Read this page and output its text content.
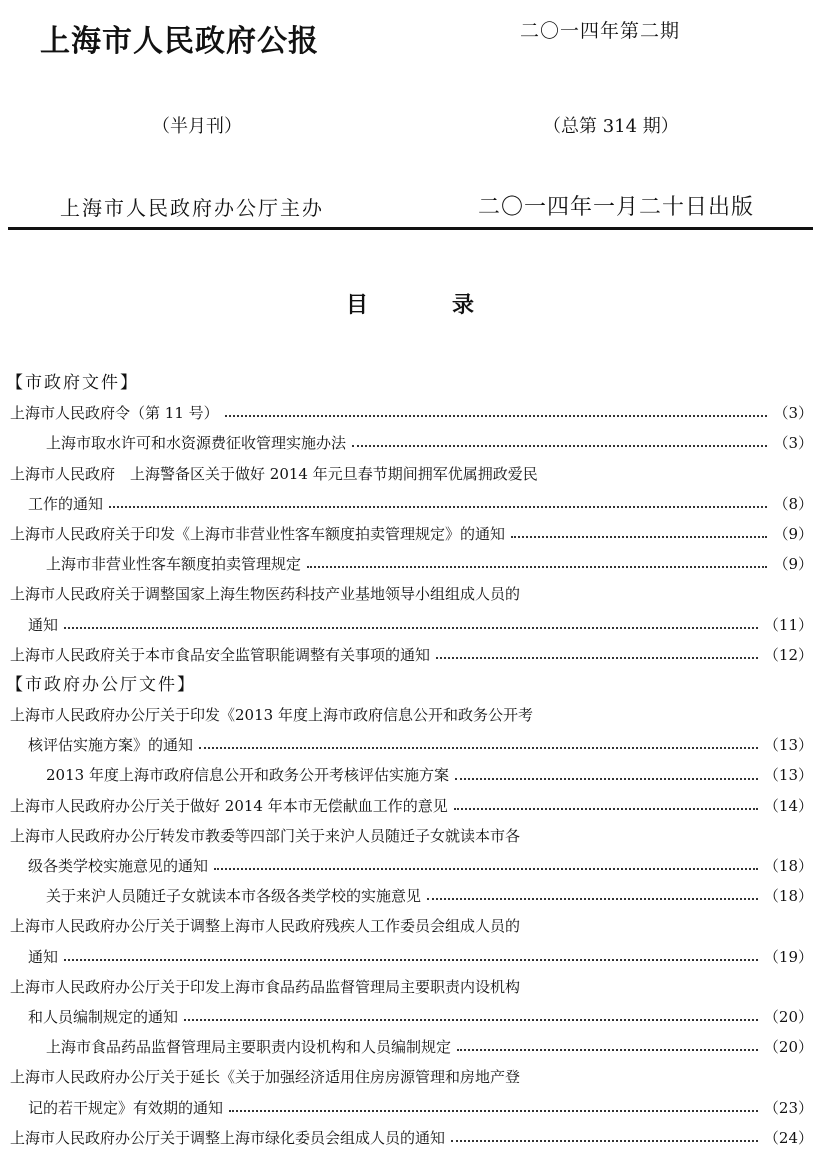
上海市人民政府公报	二〇一四年第二期
（半月刊）	（总第 314 期）
上海市人民政府办公厅主办	二〇一四年一月二十日出版
目	录
【市政府文件】
上海市人民政府令（第 11 号）	（3）
上海市取水许可和水资源费征收管理实施办法	（3）
上海市人民政府　上海警备区关于做好 2014 年元旦春节期间拥军优属拥政爱民
工作的通知	（8）
上海市人民政府关于印发《上海市非营业性客车额度拍卖管理规定》的通知	（9）
上海市非营业性客车额度拍卖管理规定	（9）
上海市人民政府关于调整国家上海生物医药科技产业基地领导小组组成人员的
通知	（11）
上海市人民政府关于本市食品安全监管职能调整有关事项的通知	（12）
【市政府办公厅文件】
上海市人民政府办公厅关于印发《2013 年度上海市政府信息公开和政务公开考
核评估实施方案》的通知	（13）
2013 年度上海市政府信息公开和政务公开考核评估实施方案	（13）
上海市人民政府办公厅关于做好 2014 年本市无偿献血工作的意见	（14）
上海市人民政府办公厅转发市教委等四部门关于来沪人员随迁子女就读本市各
级各类学校实施意见的通知	（18）
关于来沪人员随迁子女就读本市各级各类学校的实施意见	（18）
上海市人民政府办公厅关于调整上海市人民政府残疾人工作委员会组成人员的
通知	（19）
上海市人民政府办公厅关于印发上海市食品药品监督管理局主要职责内设机构
和人员编制规定的通知	（20）
上海市食品药品监督管理局主要职责内设机构和人员编制规定	（20）
上海市人民政府办公厅关于延长《关于加强经济适用住房房源管理和房地产登
记的若干规定》有效期的通知	（23）
上海市人民政府办公厅关于调整上海市绿化委员会组成人员的通知	（24）
